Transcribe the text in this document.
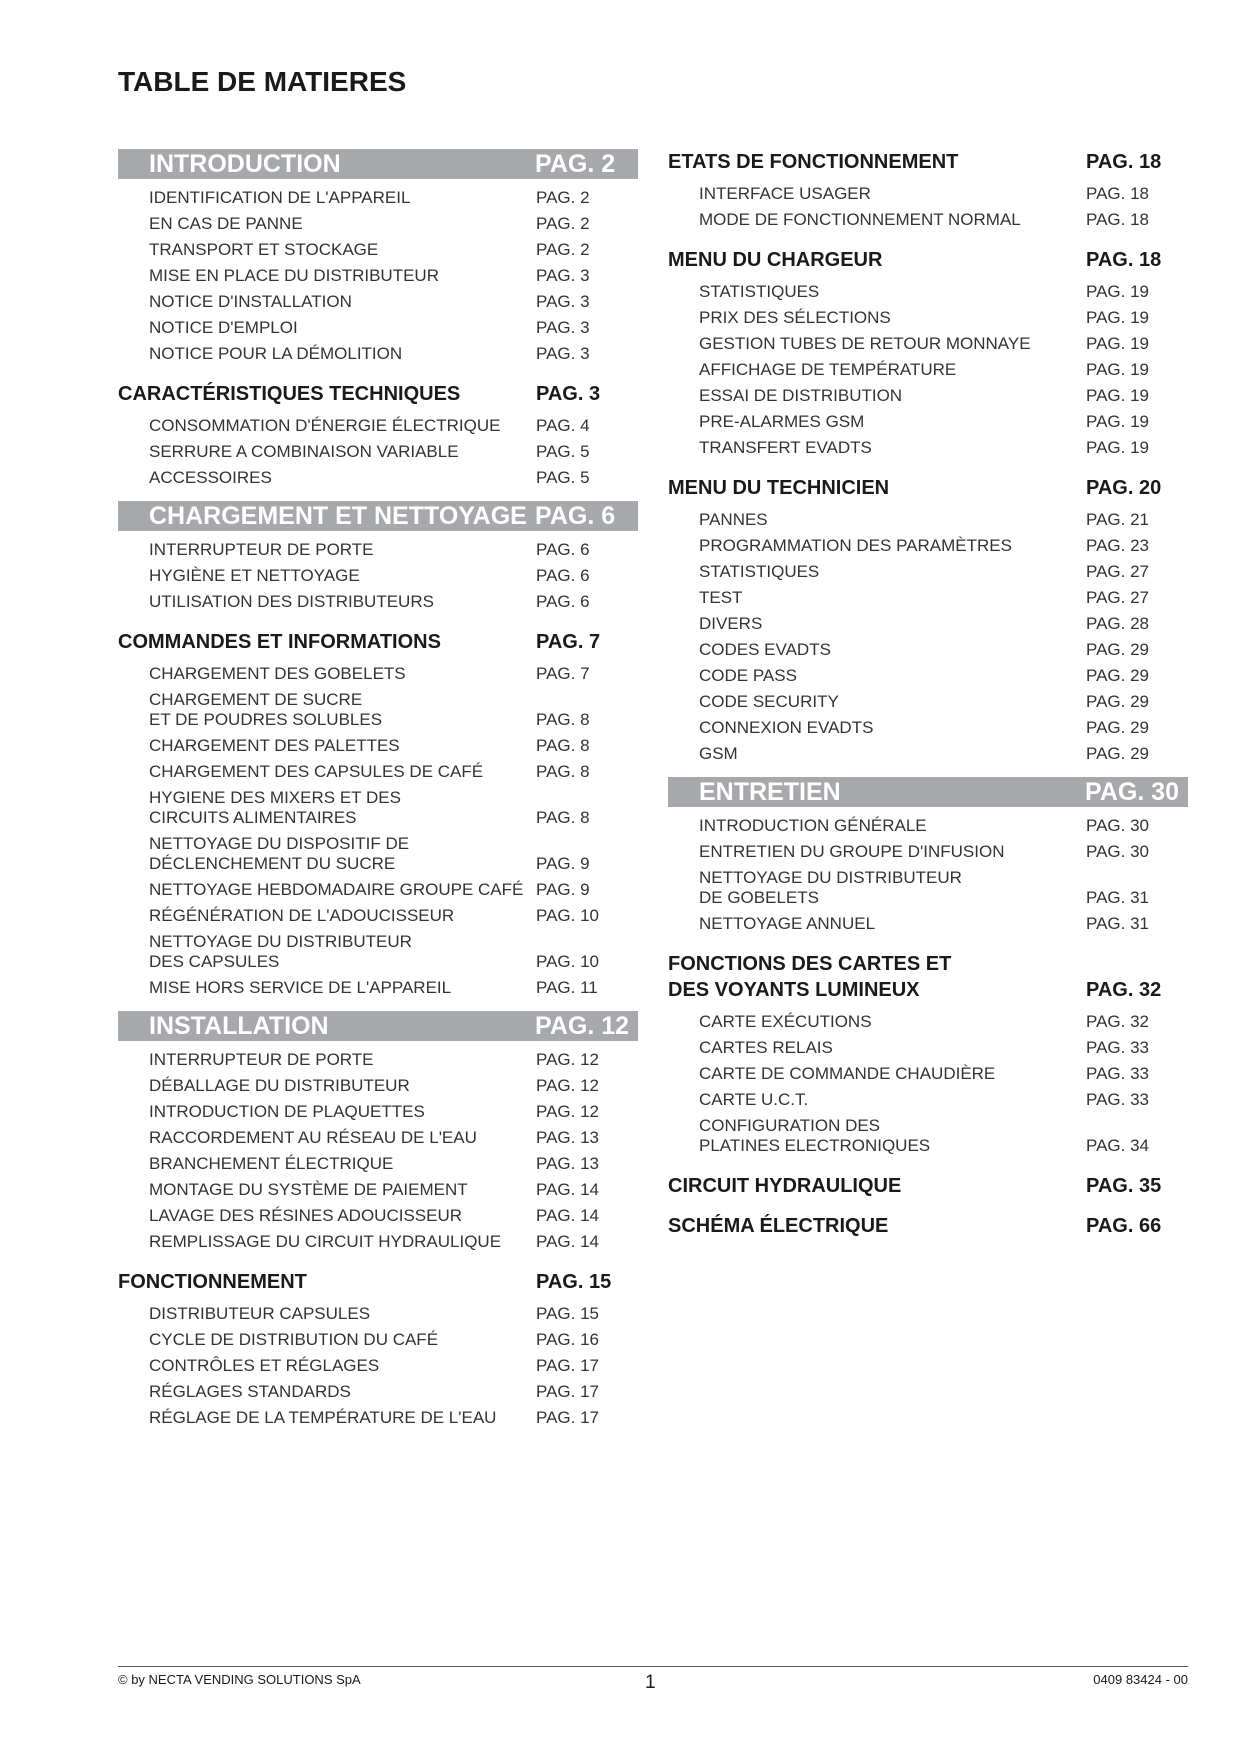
TABLE DE MATIERES
INTRODUCTION	PAG. 2
IDENTIFICATION DE L'APPAREIL	PAG. 2
EN CAS DE PANNE	PAG. 2
TRANSPORT ET STOCKAGE	PAG. 2
MISE EN PLACE DU DISTRIBUTEUR	PAG. 3
NOTICE D'INSTALLATION	PAG. 3
NOTICE D'EMPLOI	PAG. 3
NOTICE POUR LA DÉMOLITION	PAG. 3
CARACTÉRISTIQUES TECHNIQUES	PAG. 3
CONSOMMATION D'ÉNERGIE ÉLECTRIQUE PAG. 4
SERRURE A COMBINAISON VARIABLE	PAG. 5
ACCESSOIRES	PAG. 5
CHARGEMENT ET NETTOYAGE PAG. 6
INTERRUPTEUR DE PORTE	PAG. 6
HYGIÈNE ET NETTOYAGE	PAG. 6
UTILISATION DES DISTRIBUTEURS	PAG. 6
COMMANDES ET INFORMATIONS	PAG. 7
CHARGEMENT DES GOBELETS	PAG. 7
CHARGEMENT DE SUCRE
ET DE POUDRES SOLUBLES	PAG. 8
CHARGEMENT DES PALETTES	PAG. 8
CHARGEMENT DES CAPSULES DE CAFÉ	PAG. 8
HYGIENE DES MIXERS ET DES
CIRCUITS ALIMENTAIRES	PAG. 8
NETTOYAGE DU DISPOSITIF DE
DÉCLENCHEMENT DU SUCRE	PAG. 9
NETTOYAGE HEBDOMADAIRE GROUPE CAFÉ PAG. 9
RÉGÉNÉRATION DE L'ADOUCISSEUR	PAG. 10
NETTOYAGE DU DISTRIBUTEUR
DES CAPSULES	PAG. 10
MISE HORS SERVICE DE L'APPAREIL	PAG. 11
INSTALLATION	PAG. 12
INTERRUPTEUR DE PORTE	PAG. 12
DÉBALLAGE DU DISTRIBUTEUR	PAG. 12
INTRODUCTION DE PLAQUETTES	PAG. 12
RACCORDEMENT AU RÉSEAU DE L'EAU	PAG. 13
BRANCHEMENT ÉLECTRIQUE	PAG. 13
MONTAGE DU SYSTÈME DE PAIEMENT	PAG. 14
LAVAGE DES RÉSINES ADOUCISSEUR	PAG. 14
REMPLISSAGE DU CIRCUIT HYDRAULIQUE PAG. 14
FONCTIONNEMENT	PAG. 15
DISTRIBUTEUR CAPSULES	PAG. 15
CYCLE DE DISTRIBUTION DU CAFÉ	PAG. 16
CONTRÔLES ET RÉGLAGES	PAG. 17
RÉGLAGES STANDARDS	PAG. 17
RÉGLAGE DE LA TEMPÉRATURE DE L'EAU PAG. 17
ETATS DE FONCTIONNEMENT	PAG. 18
INTERFACE USAGER	PAG. 18
MODE DE FONCTIONNEMENT NORMAL	PAG. 18
MENU DU CHARGEUR	PAG. 18
STATISTIQUES	PAG. 19
PRIX DES SÉLECTIONS	PAG. 19
GESTION TUBES DE RETOUR MONNAYE	PAG. 19
AFFICHAGE DE TEMPÉRATURE	PAG. 19
ESSAI DE DISTRIBUTION	PAG. 19
PRE-ALARMES GSM	PAG. 19
TRANSFERT EVADTS	PAG. 19
MENU DU TECHNICIEN	PAG. 20
PANNES	PAG. 21
PROGRAMMATION DES PARAMÈTRES	PAG. 23
STATISTIQUES	PAG. 27
TEST	PAG. 27
DIVERS	PAG. 28
CODES EVADTS	PAG. 29
CODE PASS	PAG. 29
CODE SECURITY	PAG. 29
CONNEXION EVADTS	PAG. 29
GSM	PAG. 29
ENTRETIEN	PAG. 30
INTRODUCTION GÉNÉRALE	PAG. 30
ENTRETIEN DU GROUPE D'INFUSION	PAG. 30
NETTOYAGE DU DISTRIBUTEUR
DE GOBELETS	PAG. 31
NETTOYAGE ANNUEL	PAG. 31
FONCTIONS DES CARTES ET
DES VOYANTS LUMINEUX	PAG. 32
CARTE EXÉCUTIONS	PAG. 32
CARTES RELAIS	PAG. 33
CARTE DE COMMANDE CHAUDIÈRE	PAG. 33
CARTE U.C.T.	PAG. 33
CONFIGURATION DES
PLATINES ELECTRONIQUES	PAG. 34
CIRCUIT HYDRAULIQUE	PAG. 35
SCHÉMA ÉLECTRIQUE	PAG. 66
© by NECTA VENDING SOLUTIONS SpA	1	0409 83424 - 00
